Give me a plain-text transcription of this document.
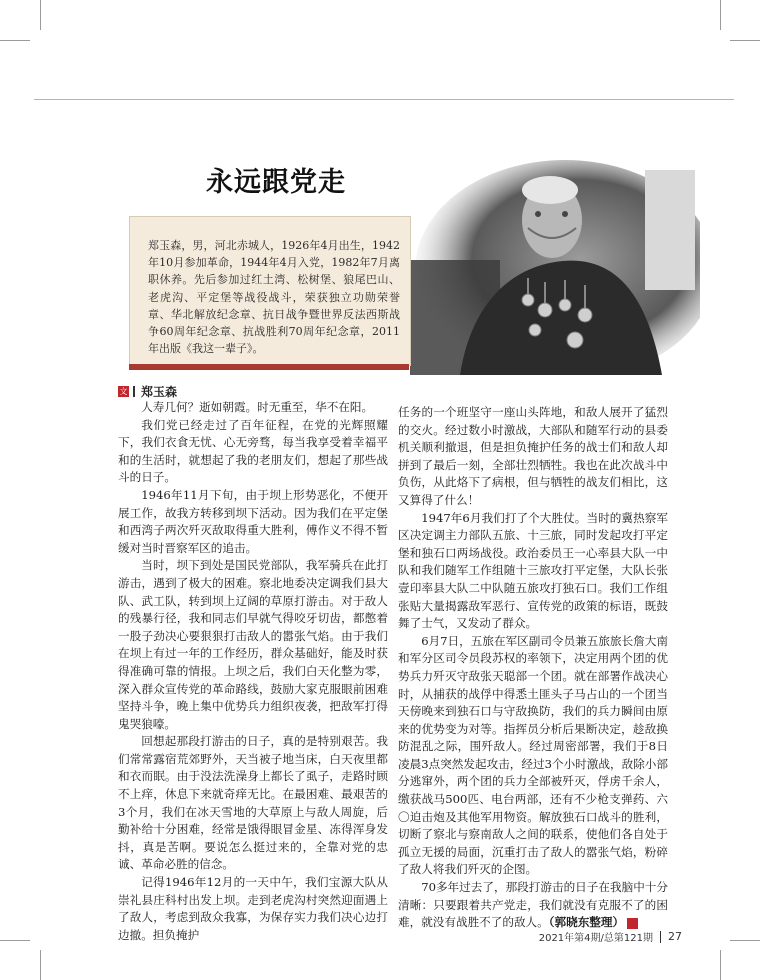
永远跟党走
郑玉森，男，河北赤城人，1926年4月出生，1942年10月参加革命，1944年4月入党，1982年7月离职休养。先后参加过红土湾、松树堡、狼尾巴山、老虎沟、平定堡等战役战斗，荣获独立功勋荣誉章、华北解放纪念章、抗日战争暨世界反法西斯战争60周年纪念章、抗战胜利70周年纪念章，2011年出版《我这一辈子》。
文 郑玉森

人寿几何？逝如朝霞。时无重至，华不在阳。

我们党已经走过了百年征程，在党的光辉照耀下，我们衣食无忧、心无旁骛，每当我享受着幸福平和的生活时，就想起了我的老朋友们，想起了那些战斗的日子。

1946年11月下旬，由于坝上形势恶化，不便开展工作，故我方转移到坝下活动。因为我们在平定堡和西湾子两次歼灭敌取得重大胜利，傅作义不得不暂缓对当时晋察军区的追击。

当时，坝下到处是国民党部队，我军骑兵在此打游击，遇到了极大的困难。察北地委决定调我们县大队、武工队，转到坝上辽阔的草原打游击。对于敌人的残暴行径，我和同志们早就气得咬牙切齿，都憋着一股子劲决心要狠狠打击敌人的嚣张气焰。由于我们在坝上有过一年的工作经历，群众基础好，能及时获得准确可靠的情报。上坝之后，我们白天化整为零，深入群众宣传党的革命路线，鼓励大家克服眼前困难坚持斗争，晚上集中优势兵力组织夜袭，把敌军打得鬼哭狼嚎。

回想起那段打游击的日子，真的是特别艰苦。我们常常露宿荒郊野外，天当被子地当床，白天夜里都和衣而眠。由于没法洗澡身上都长了虱子，走路时顾不上痒，休息下来就奇痒无比。在最困难、最艰苦的3个月，我们在冰天雪地的大草原上与敌人周旋，后勤补给十分困难，经常是饿得眼冒金星、冻得浑身发抖，真是苦啊。要说怎么挺过来的，全靠对党的忠诚、革命必胜的信念。

记得1946年12月的一天中午，我们宝源大队从崇礼县庄科村出发上坝。走到老虎沟村突然迎面遇上了敌人，考虑到敌众我寡，为保存实力我们决心边打边撤。担负掩护

任务的一个班坚守一座山头阵地，和敌人展开了猛烈的交火。经过数小时激战，大部队和随军行动的县委机关顺利撤退，但是担负掩护任务的战士们和敌人却拼到了最后一刻，全部壮烈牺牲。我也在此次战斗中负伤，从此烙下了病根，但与牺牲的战友们相比，这又算得了什么！

1947年6月我们打了个大胜仗。当时的冀热察军区决定调主力部队五旅、十三旅，同时发起攻打平定堡和独石口两场战役。政治委员王一心率县大队一中队和我们随军工作组随十三旅攻打平定堡，大队长张壹印率县大队二中队随五旅攻打独石口。我们工作组张贴大量揭露敌军恶行、宣传党的政策的标语，既鼓舞了士气，又发动了群众。

6月7日，五旅在军区副司令员兼五旅旅长詹大南和军分区司令员段苏权的率领下，决定用两个团的优势兵力歼灭守敌张天聪部一个团。就在部署作战决心时，从捕获的战俘中得悉土匪头子马占山的一个团当天傍晚来到独石口与守敌换防，我们的兵力瞬间由原来的优势变为对等。指挥员分析后果断决定，趁敌换防混乱之际，围歼敌人。经过周密部署，我们于8日凌晨3点突然发起攻击，经过3个小时激战，敌除小部分逃窜外，两个团的兵力全部被歼灭，俘虏千余人，缴获战马500匹、电台两部，还有不少枪支弹药、六〇迫击炮及其他军用物资。解放独石口战斗的胜利，切断了察北与察南敌人之间的联系，使他们各自处于孤立无援的局面，沉重打击了敌人的嚣张气焰，粉碎了敌人将我们歼灭的企图。

70多年过去了，那段打游击的日子在我脑中十分清晰：只要跟着共产党走，我们就没有克服不了的困难，就没有战胜不了的敌人。（郭晓东整理）	G

2021年第4期/总第121期 27
